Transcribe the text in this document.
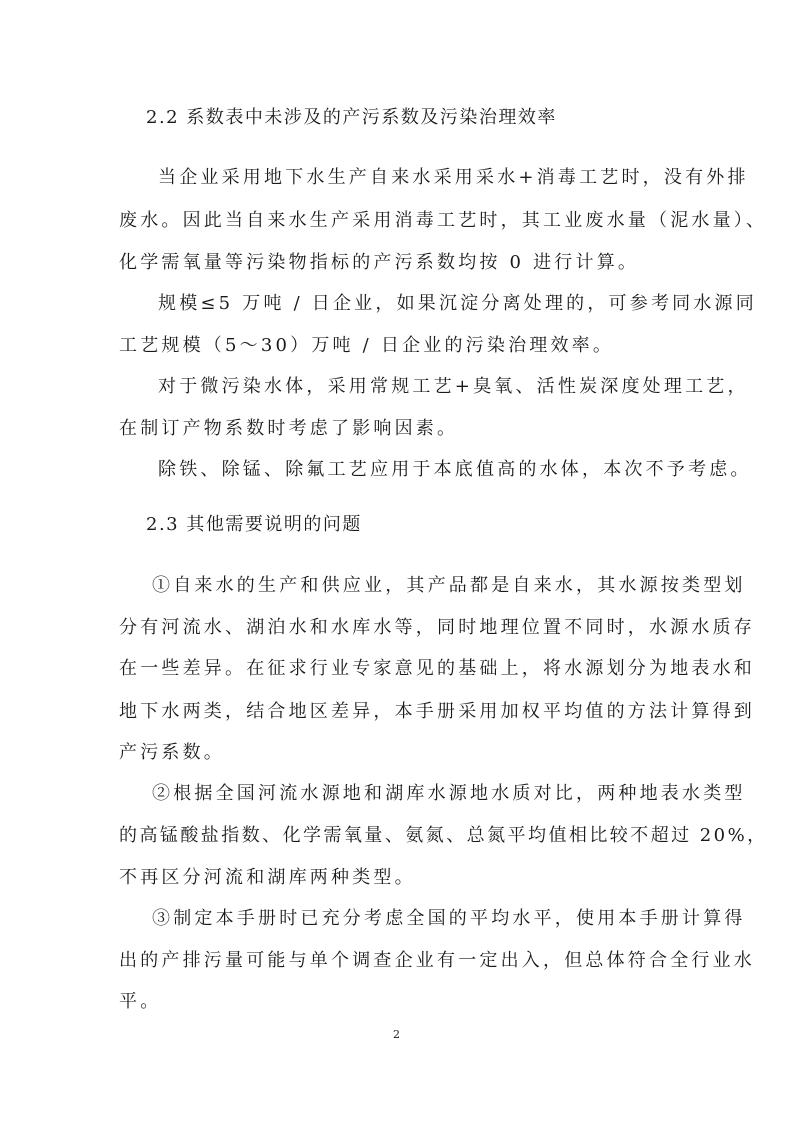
2.2 系数表中未涉及的产污系数及污染治理效率
当企业采用地下水生产自来水采用采水+消毒工艺时，没有外排
废水。因此当自来水生产采用消毒工艺时，其工业废水量（泥水量）、
化学需氧量等污染物指标的产污系数均按 0 进行计算。
规模≤5 万吨 / 日企业，如果沉淀分离处理的，可参考同水源同
工艺规模（5～30）万吨 / 日企业的污染治理效率。
对于微污染水体，采用常规工艺+臭氧、活性炭深度处理工艺，
在制订产物系数时考虑了影响因素。
除铁、除锰、除氟工艺应用于本底值高的水体，本次不予考虑。
2.3 其他需要说明的问题
①自来水的生产和供应业，其产品都是自来水，其水源按类型划
分有河流水、湖泊水和水库水等，同时地理位置不同时，水源水质存
在一些差异。在征求行业专家意见的基础上，将水源划分为地表水和
地下水两类，结合地区差异，本手册采用加权平均值的方法计算得到
产污系数。
②根据全国河流水源地和湖库水源地水质对比，两种地表水类型
的高锰酸盐指数、化学需氧量、氨氮、总氮平均值相比较不超过 20%，
不再区分河流和湖库两种类型。
③制定本手册时已充分考虑全国的平均水平，使用本手册计算得
出的产排污量可能与单个调查企业有一定出入，但总体符合全行业水
平。
2
